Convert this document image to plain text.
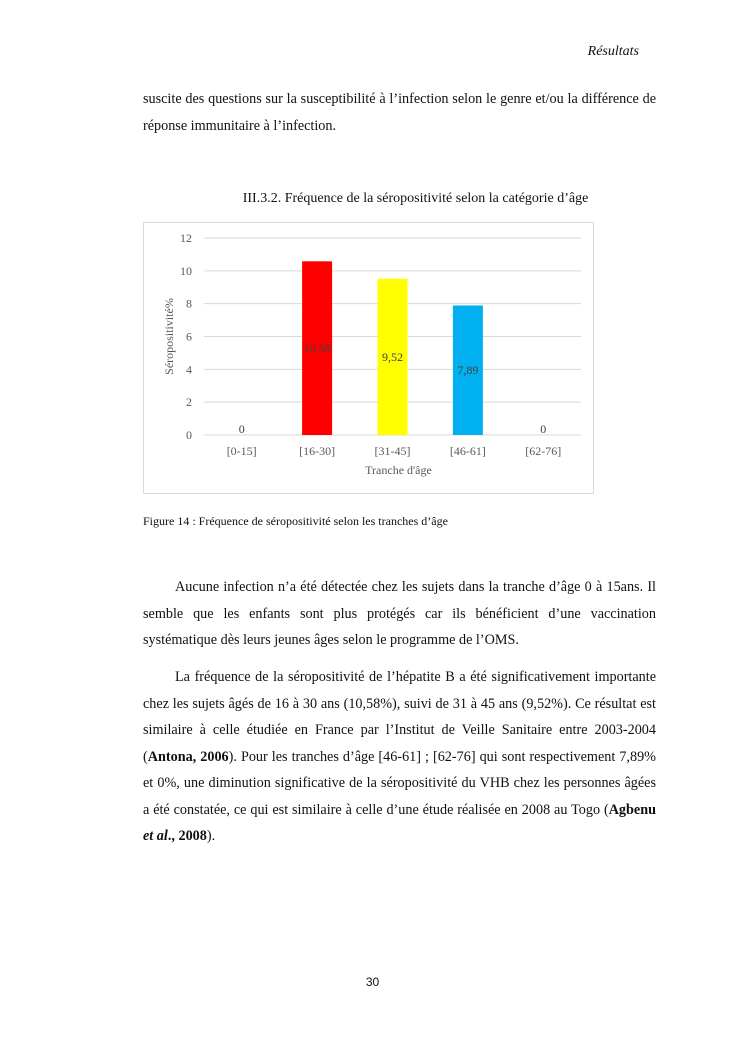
Résultats

suscite des questions sur la susceptibilité à l’infection selon le genre et/ou la différence de réponse immunitaire à l’infection.

III.3.2. Fréquence de la séropositivité selon la catégorie d’âge
0
10,58
9,52
7,89
0
0
2
4
6
8
10
12
[0-15]	[16-30]	[31-45]	[46-61]	[62-76]
Tranche d'âge
Séropositivité%
Figure 14 : Fréquence de séropositivité selon les tranches d’âge

Aucune infection n’a été détectée chez les sujets dans la tranche d’âge 0 à 15ans. Il semble que les enfants sont plus protégés car ils bénéficient d’une vaccination systématique dès leurs jeunes âges selon le programme de l’OMS.

La fréquence de la séropositivité de l’hépatite B a été significativement importante chez les sujets âgés de 16 à 30 ans (10,58%), suivi de 31 à 45 ans (9,52%). Ce résultat est similaire à celle étudiée en France par l’Institut de Veille Sanitaire entre 2003-2004 (Antona, 2006). Pour les tranches d’âge [46-61] ; [62-76] qui sont respectivement 7,89% et 0%, une diminution significative de la séropositivité du VHB chez les personnes âgées a été constatée, ce qui est similaire à celle d’une étude réalisée en 2008 au Togo (Agbenu et al., 2008).

30
